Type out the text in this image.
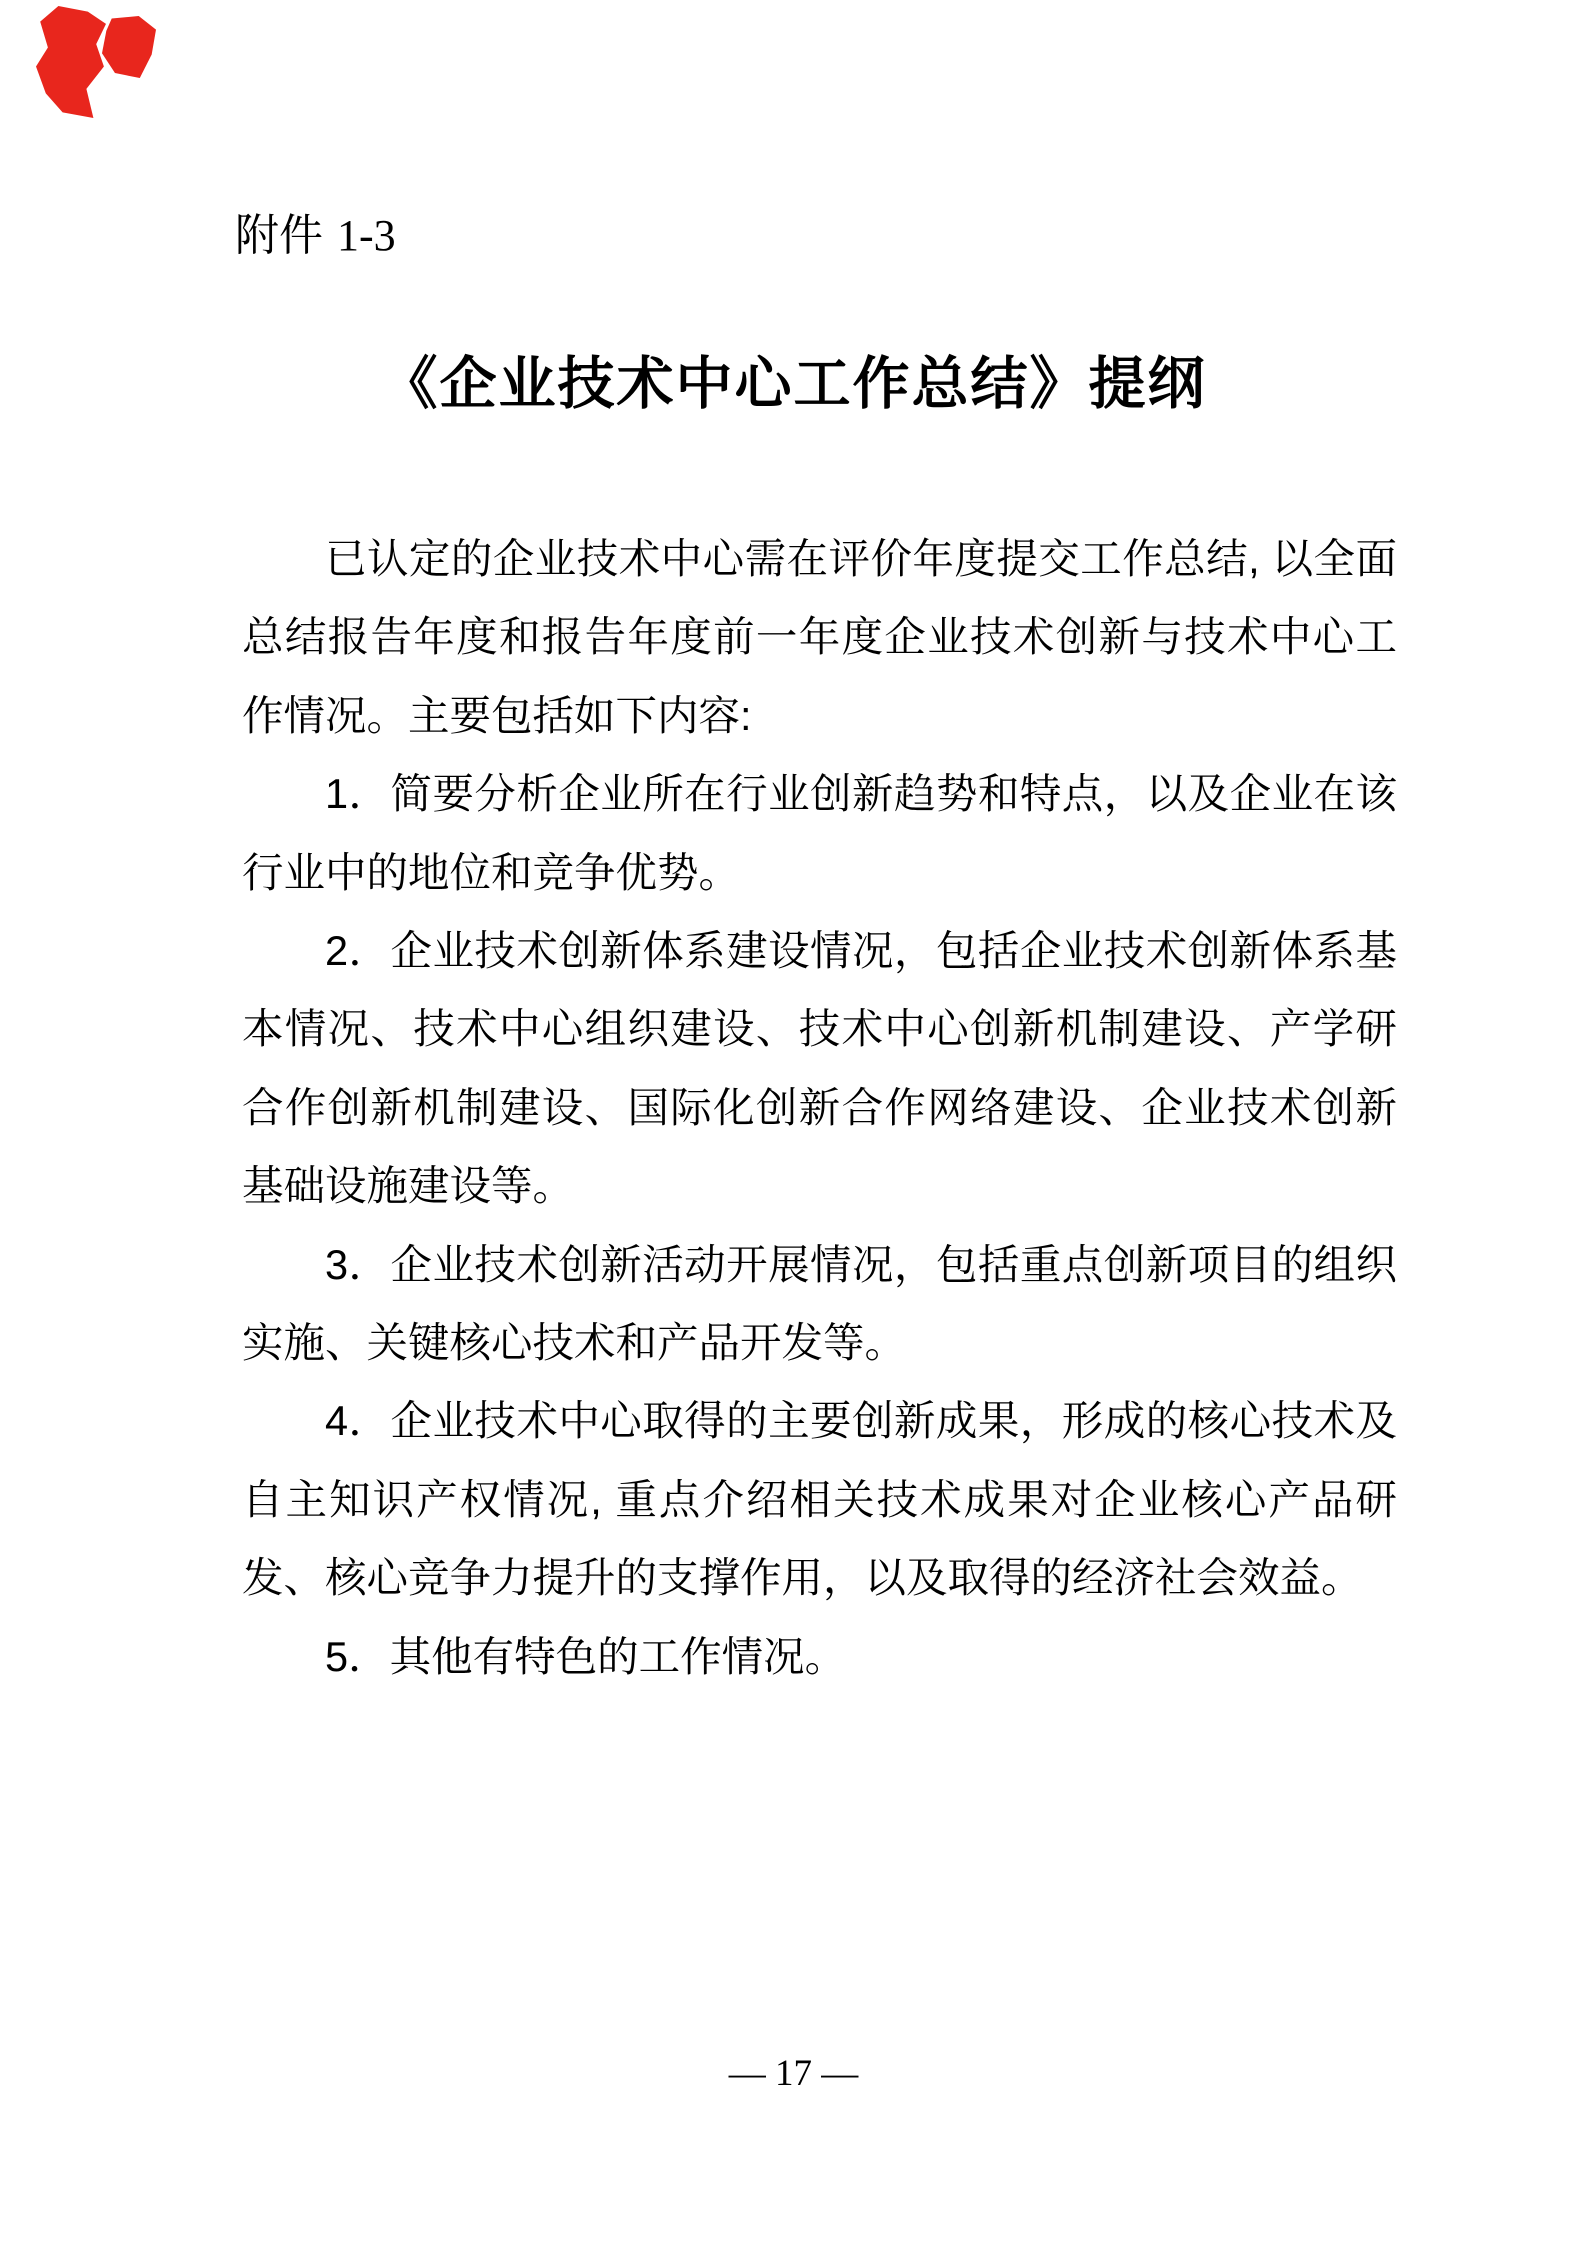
附件 1-3
《企业技术中心工作总结》提纲

已认定的企业技术中心需在评价年度提交工作总结, 以全面总结报告年度和报告年度前一年度企业技术创新与技术中心工作情况。主要包括如下内容:

1．简要分析企业所在行业创新趋势和特点，以及企业在该行业中的地位和竞争优势。

2．企业技术创新体系建设情况，包括企业技术创新体系基本情况、技术中心组织建设、技术中心创新机制建设、产学研合作创新机制建设、国际化创新合作网络建设、企业技术创新基础设施建设等。

3．企业技术创新活动开展情况，包括重点创新项目的组织实施、关键核心技术和产品开发等。

4．企业技术中心取得的主要创新成果，形成的核心技术及自主知识产权情况, 重点介绍相关技术成果对企业核心产品研发、核心竞争力提升的支撑作用，以及取得的经济社会效益。

5．其他有特色的工作情况。

— 17 —
